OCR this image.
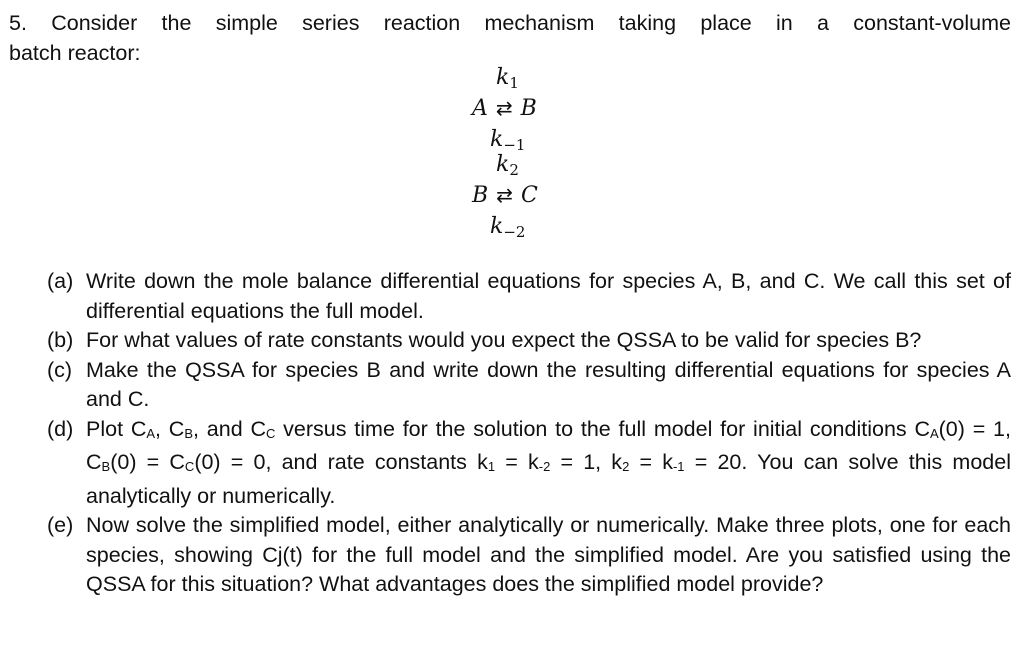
5. Consider the simple series reaction mechanism taking place in a constant-volume
batch reactor:
$k_1$
A ⇄ B
$k_{-1}$
$k_2$
B ⇄ C
$k_{-2}$
(a) Write down the mole balance differential equations for species A, B, and C. We call this set of differential equations the full model.
(b) For what values of rate constants would you expect the QSSA to be valid for species B?
(c) Make the QSSA for species B and write down the resulting differential equations for species A and C.
(d) Plot $C_A$, $C_B$, and $C_C$ versus time for the solution to the full model for initial conditions $C_A(0) = 1$, $C_B(0) = C_C(0) = 0$, and rate constants $k_1 = k_{-2} = 1$, $k_2 = k_{-1} = 20$. You can solve this model analytically or numerically.
(e) Now solve the simplified model, either analytically or numerically. Make three plots, one for each species, showing Cj(t) for the full model and the simplified model. Are you satisfied using the QSSA for this situation? What advantages does the simplified model provide?
